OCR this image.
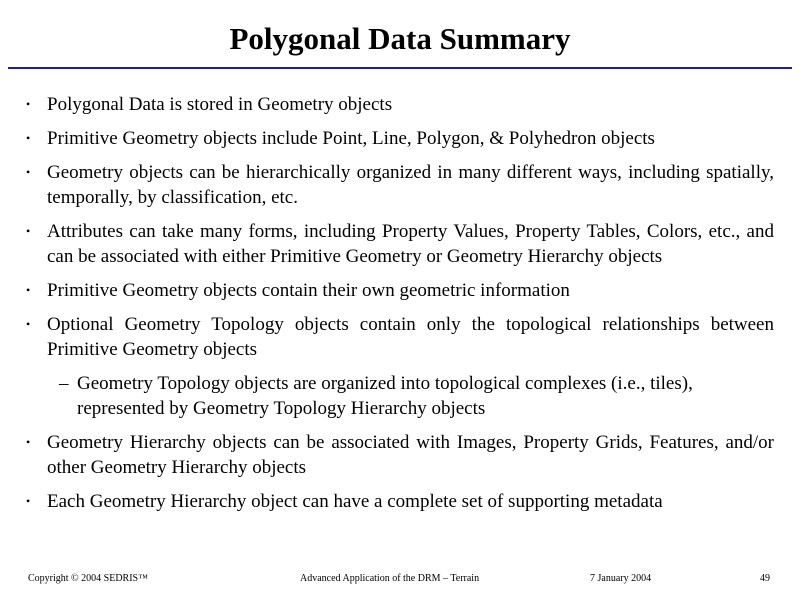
Polygonal Data Summary
• Polygonal Data is stored in Geometry objects
• Primitive Geometry objects include Point, Line, Polygon, & Polyhedron objects
• Geometry objects can be hierarchically organized in many different ways, including spatially, temporally, by classification, etc.
• Attributes can take many forms, including Property Values, Property Tables, Colors, etc., and can be associated with either Primitive Geometry or Geometry Hierarchy objects
• Primitive Geometry objects contain their own geometric information
• Optional Geometry Topology objects contain only the topological relationships between Primitive Geometry objects
– Geometry Topology objects are organized into topological complexes (i.e., tiles), represented by Geometry Topology Hierarchy objects
• Geometry Hierarchy objects can be associated with Images, Property Grids, Features, and/or other Geometry Hierarchy objects
• Each Geometry Hierarchy object can have a complete set of supporting metadata
Copyright © 2004 SEDRIS™	Advanced Application of the DRM – Terrain	7 January 2004	49
